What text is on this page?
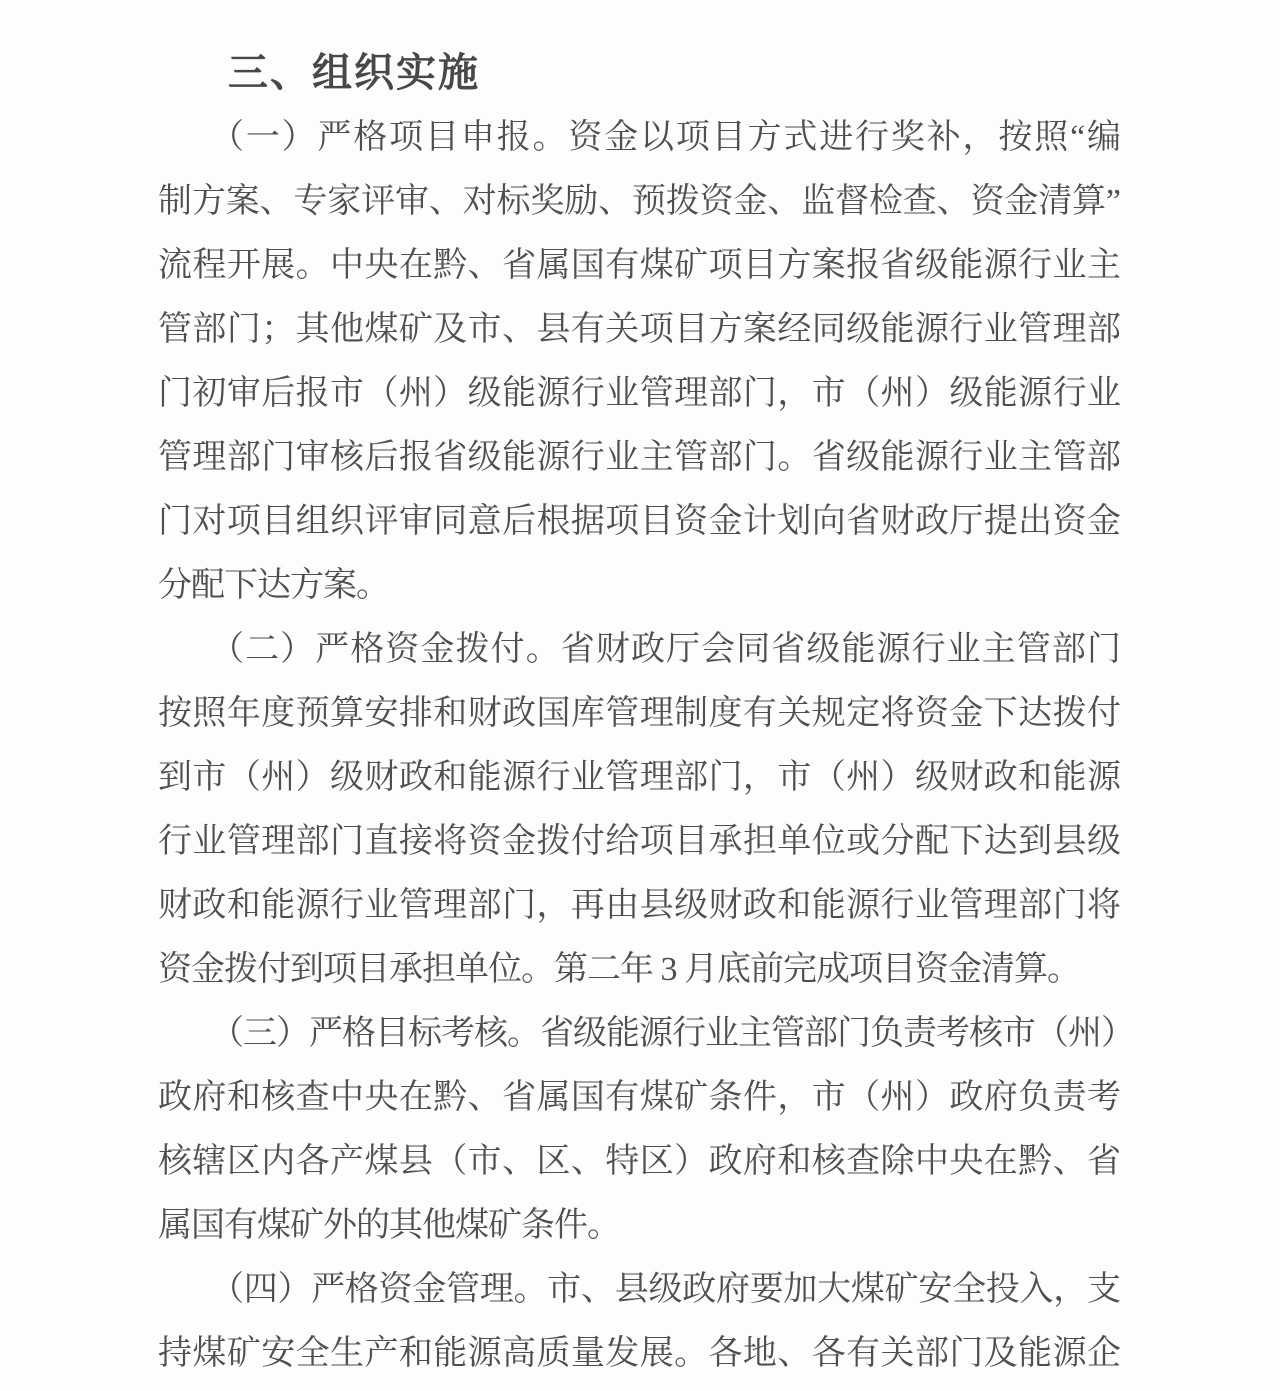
三、组织实施
（一）严格项目申报。资金以项目方式进行奖补，按照“编
制方案、专家评审、对标奖励、预拨资金、监督检查、资金清算”
流程开展。中央在黔、省属国有煤矿项目方案报省级能源行业主
管部门；其他煤矿及市、县有关项目方案经同级能源行业管理部
门初审后报市（州）级能源行业管理部门，市（州）级能源行业
管理部门审核后报省级能源行业主管部门。省级能源行业主管部
门对项目组织评审同意后根据项目资金计划向省财政厅提出资金
分配下达方案。
（二）严格资金拨付。省财政厅会同省级能源行业主管部门
按照年度预算安排和财政国库管理制度有关规定将资金下达拨付
到市（州）级财政和能源行业管理部门，市（州）级财政和能源
行业管理部门直接将资金拨付给项目承担单位或分配下达到县级
财政和能源行业管理部门，再由县级财政和能源行业管理部门将
资金拨付到项目承担单位。第二年 3 月底前完成项目资金清算。
（三）严格目标考核。省级能源行业主管部门负责考核市（州）
政府和核查中央在黔、省属国有煤矿条件，市（州）政府负责考
核辖区内各产煤县（市、区、特区）政府和核查除中央在黔、省
属国有煤矿外的其他煤矿条件。
（四）严格资金管理。市、县级政府要加大煤矿安全投入，支
持煤矿安全生产和能源高质量发展。各地、各有关部门及能源企
